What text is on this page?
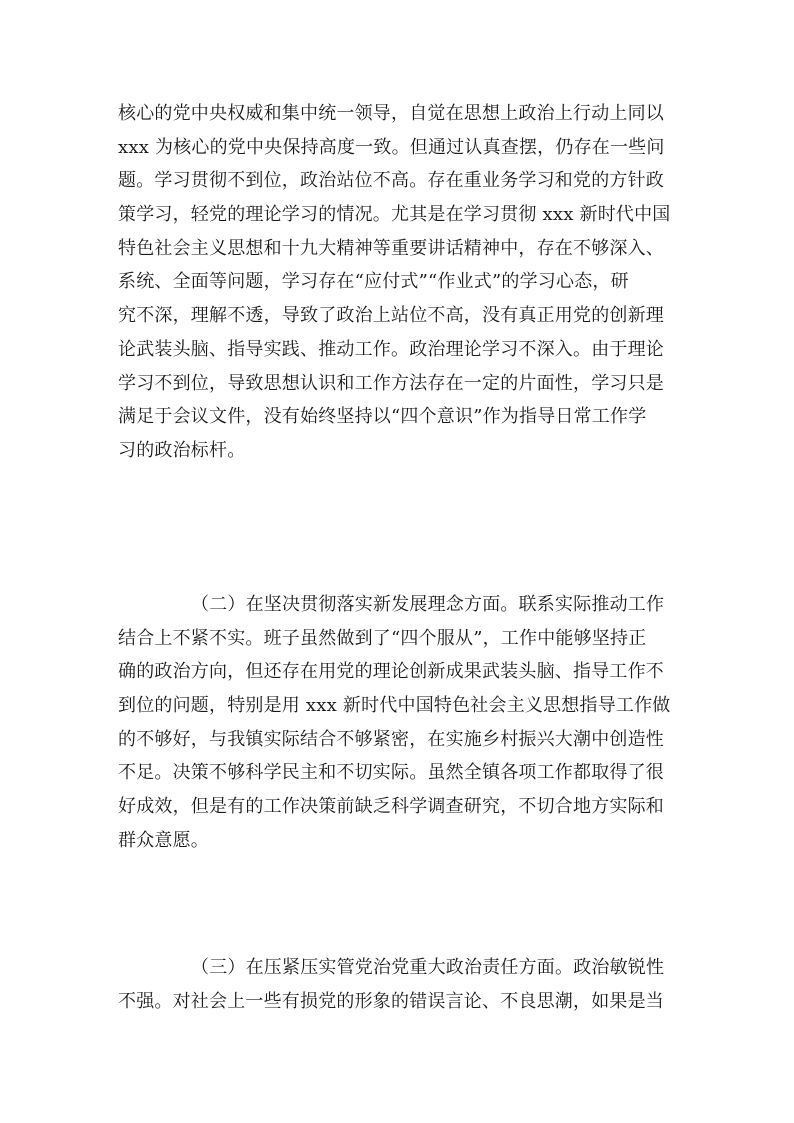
核心的党中央权威和集中统一领导，自觉在思想上政治上行动上同以
xxx 为核心的党中央保持高度一致。但通过认真查摆，仍存在一些问
题。学习贯彻不到位，政治站位不高。存在重业务学习和党的方针政
策学习，轻党的理论学习的情况。尤其是在学习贯彻 xxx 新时代中国
特色社会主义思想和十九大精神等重要讲话精神中，存在不够深入、
系统、全面等问题，学习存在“应付式”“作业式”的学习心态，研
究不深，理解不透，导致了政治上站位不高，没有真正用党的创新理
论武装头脑、指导实践、推动工作。政治理论学习不深入。由于理论
学习不到位，导致思想认识和工作方法存在一定的片面性，学习只是
满足于会议文件，没有始终坚持以“四个意识”作为指导日常工作学
习的政治标杆。
（二）在坚决贯彻落实新发展理念方面。联系实际推动工作
结合上不紧不实。班子虽然做到了“四个服从”，工作中能够坚持正
确的政治方向，但还存在用党的理论创新成果武装头脑、指导工作不
到位的问题，特别是用 xxx 新时代中国特色社会主义思想指导工作做
的不够好，与我镇实际结合不够紧密，在实施乡村振兴大潮中创造性
不足。决策不够科学民主和不切实际。虽然全镇各项工作都取得了很
好成效，但是有的工作决策前缺乏科学调查研究，不切合地方实际和
群众意愿。
（三）在压紧压实管党治党重大政治责任方面。政治敏锐性
不强。对社会上一些有损党的形象的错误言论、不良思潮，如果是当
